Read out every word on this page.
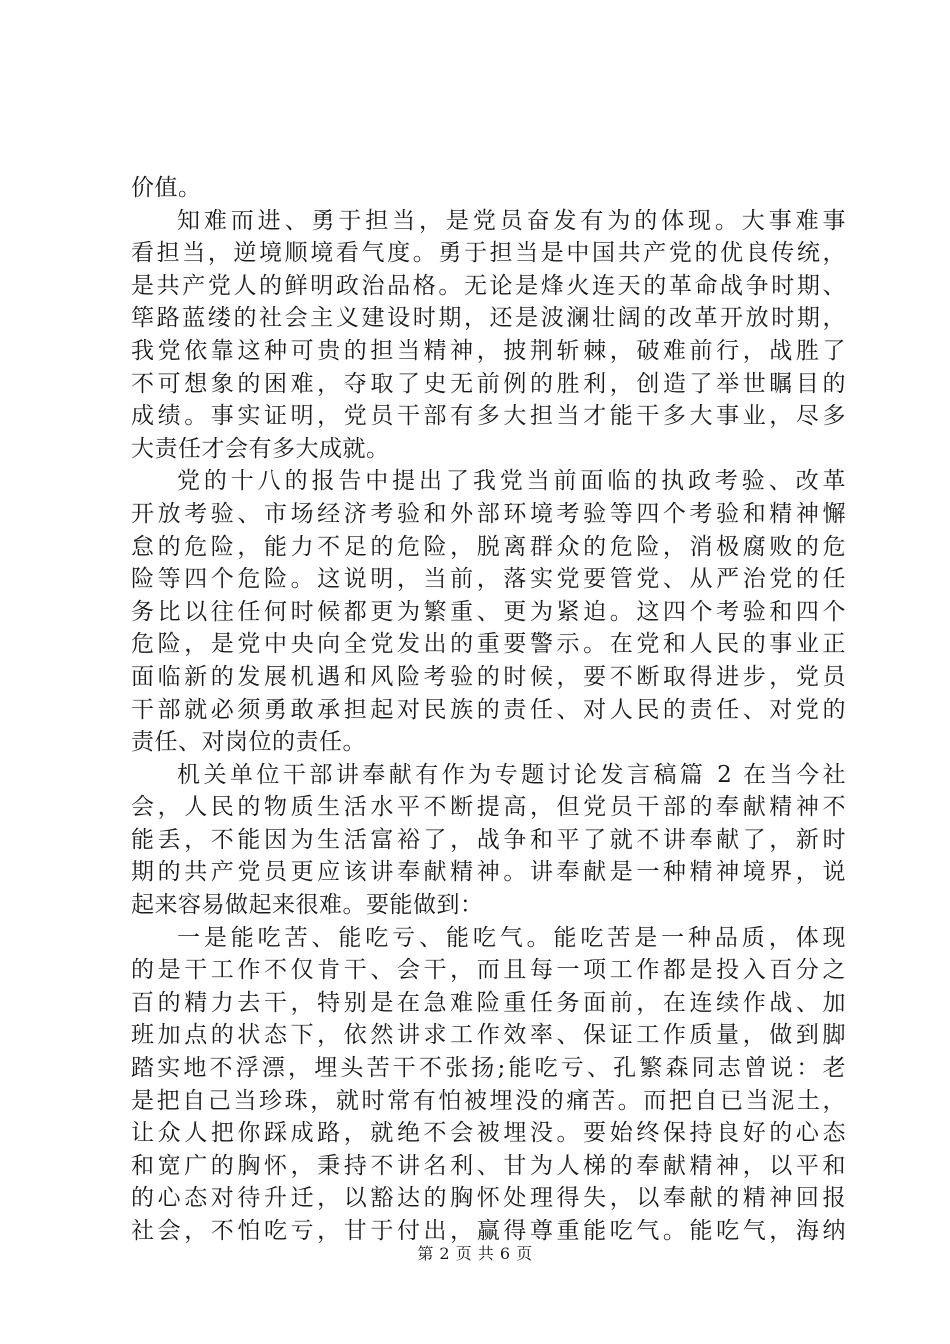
价值。
知难而进、勇于担当，是党员奋发有为的体现。大事难事
看担当，逆境顺境看气度。勇于担当是中国共产党的优良传统，
是共产党人的鲜明政治品格。无论是烽火连天的革命战争时期、
筚路蓝缕的社会主义建设时期，还是波澜壮阔的改革开放时期，
我党依靠这种可贵的担当精神，披荆斩棘，破难前行，战胜了
不可想象的困难，夺取了史无前例的胜利，创造了举世瞩目的
成绩。事实证明，党员干部有多大担当才能干多大事业，尽多
大责任才会有多大成就。
党的十八的报告中提出了我党当前面临的执政考验、改革
开放考验、市场经济考验和外部环境考验等四个考验和精神懈
怠的危险，能力不足的危险，脱离群众的危险，消极腐败的危
险等四个危险。这说明，当前，落实党要管党、从严治党的任
务比以往任何时候都更为繁重、更为紧迫。这四个考验和四个
危险，是党中央向全党发出的重要警示。在党和人民的事业正
面临新的发展机遇和风险考验的时候，要不断取得进步，党员
干部就必须勇敢承担起对民族的责任、对人民的责任、对党的
责任、对岗位的责任。
机关单位干部讲奉献有作为专题讨论发言稿篇 2 在当今社
会，人民的物质生活水平不断提高，但党员干部的奉献精神不
能丢，不能因为生活富裕了，战争和平了就不讲奉献了，新时
期的共产党员更应该讲奉献精神。讲奉献是一种精神境界，说
起来容易做起来很难。要能做到：
一是能吃苦、能吃亏、能吃气。能吃苦是一种品质，体现
的是干工作不仅肯干、会干，而且每一项工作都是投入百分之
百的精力去干，特别是在急难险重任务面前，在连续作战、加
班加点的状态下，依然讲求工作效率、保证工作质量，做到脚
踏实地不浮漂，埋头苦干不张扬;能吃亏、孔繁森同志曾说：老
是把自己当珍珠，就时常有怕被埋没的痛苦。而把自已当泥土，
让众人把你踩成路，就绝不会被埋没。要始终保持良好的心态
和宽广的胸怀，秉持不讲名利、甘为人梯的奉献精神，以平和
的心态对待升迁，以豁达的胸怀处理得失，以奉献的精神回报
社会，不怕吃亏，甘于付出，赢得尊重能吃气。能吃气，海纳
第 2 页 共 6 页
